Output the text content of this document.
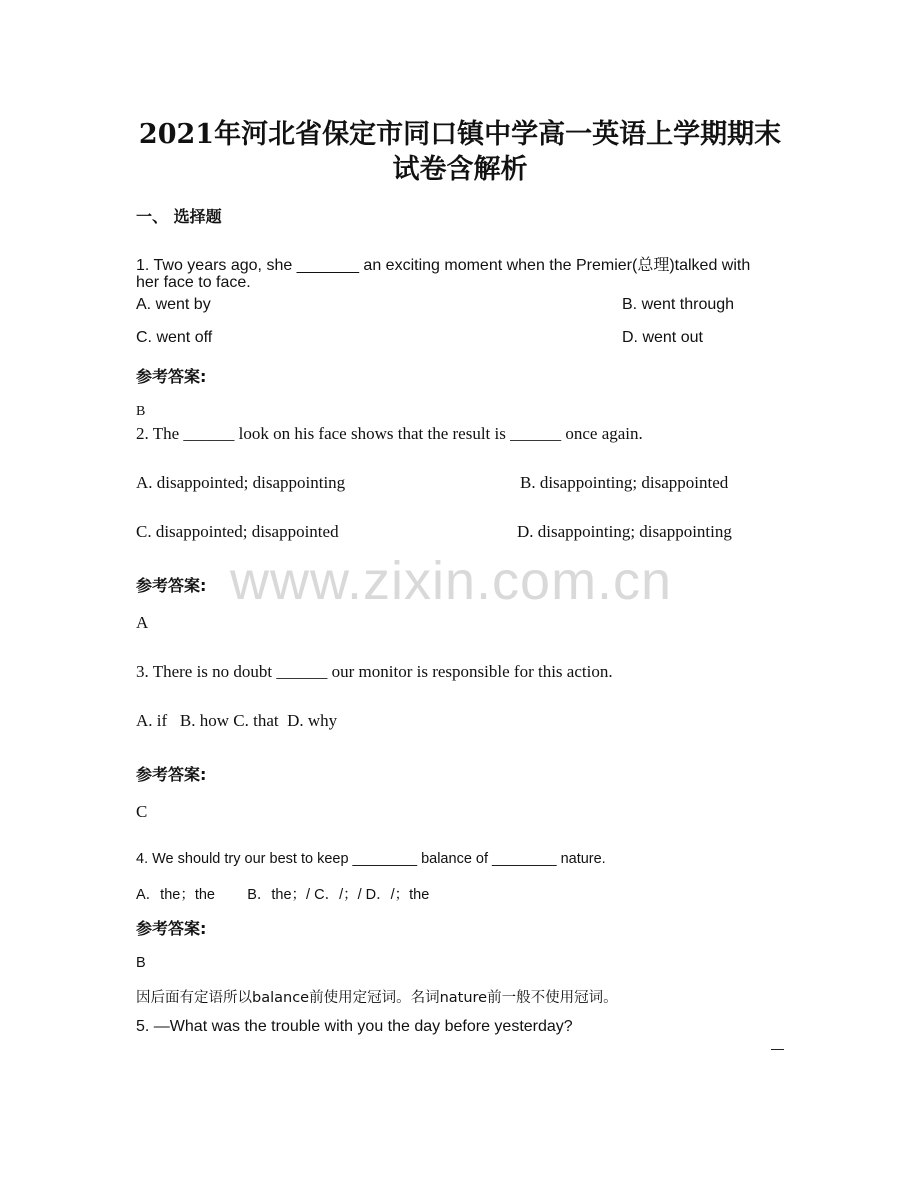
2021年河北省保定市同口镇中学高一英语上学期期末
试卷含解析
一、 选择题
1. Two years ago, she _______ an exciting moment when the Premier(总理)talked with
her face to face.
A. went by	B. went through
C. went off	D. went out
参考答案:
B
2. The ______ look on his face shows that the result is ______ once again.
A. disappointed; disappointing	B. disappointing; disappointed
C. disappointed; disappointed	D. disappointing; disappointing
参考答案:
A
3. There is no doubt ______ our monitor is responsible for this action.
A. if   B. how C. that  D. why
参考答案:
C
4. We should try our best to keep ________ balance of ________ nature.
A．the；the        B．the；/ C．/；/ D．/；the
参考答案:
B
因后面有定语所以balance前使用定冠词。名词nature前一般不使用冠词。
5. —What was the trouble with you the day before yesterday?
www.zixin.com.cn
